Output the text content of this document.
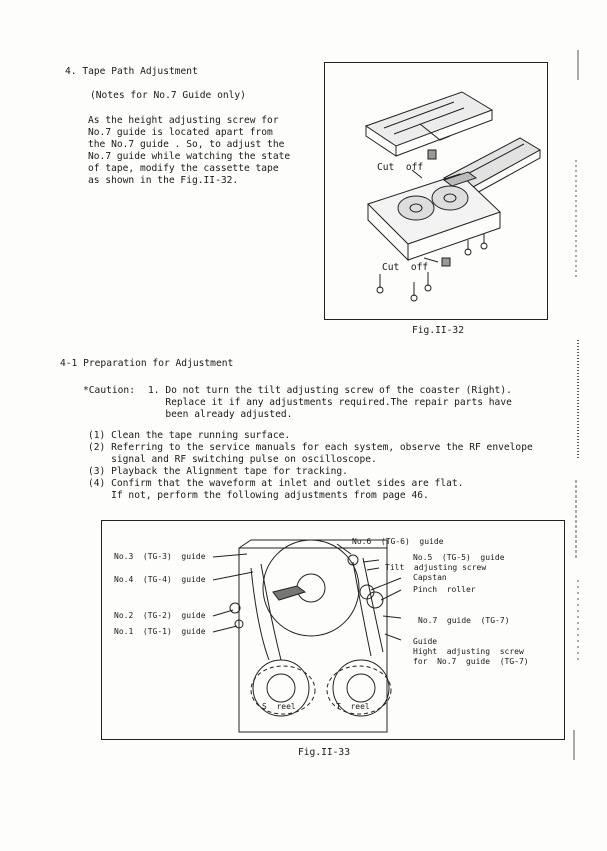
4. Tape Path Adjustment
(Notes for No.7 Guide only)
As the height adjusting screw for
No.7 guide is located apart from
the No.7 guide . So, to adjust the
No.7 guide while watching the state
of tape, modify the cassette tape
as shown in the Fig.II-32.
Cut  off
Cut  off
Fig.II-32
4-1 Preparation for Adjustment
*Caution: 1. Do not turn the tilt adjusting screw of the coaster (Right).
Replace it if any adjustments required.The repair parts have
been already adjusted.
(1) Clean the tape running surface.
(2) Referring to the service manuals for each system, observe the RF envelope
signal and RF switching pulse on oscilloscope.
(3) Playback the Alignment tape for tracking.
(4) Confirm that the waveform at inlet and outlet sides are flat.
If not, perform the following adjustments from page 46.
No.3  (TG-3)  guide
No.4  (TG-4)  guide
No.2  (TG-2)  guide
No.1  (TG-1)  guide
No.6  (TG-6)  guide
No.5  (TG-5)  guide
Tilt  adjusting screw
Capstan
Pinch  roller
No.7  guide  (TG-7)
Guide
Hight  adjusting  screw
for  No.7  guide  (TG-7)
S  reel	T  reel
Fig.II-33
